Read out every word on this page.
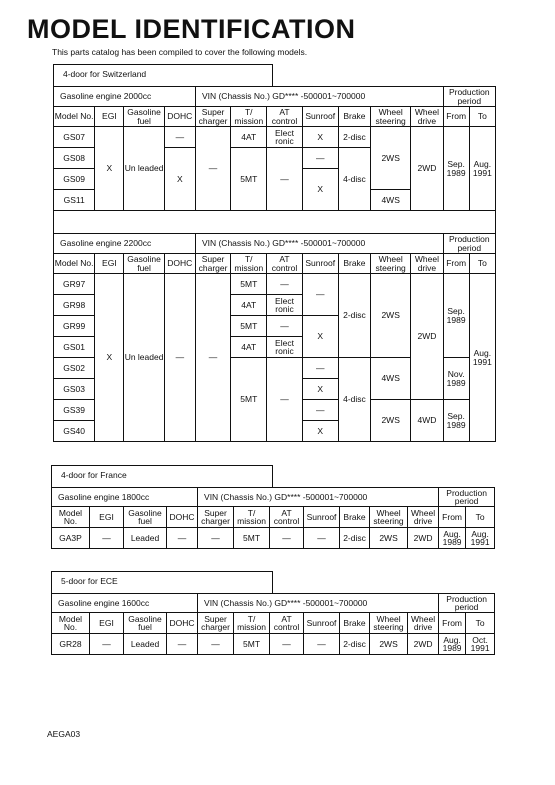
MODEL IDENTIFICATION
This parts catalog has been compiled to cover the following models.
4-door for Switzerland
Gasoline engine 2000cc				VIN (Chassis No.) GD**** -500001~700000							Production period	
Model No.	EGI	Gasoline fuel	DOHC	Super charger	T/ mission	AT control	Sunroof	Brake	Wheel steering	Wheel drive	From	To
GS07	X	Un leaded	—	—	4AT	Elect ronic	X	2-disc	2WS	2WD	Sep. 1989	Aug. 1991
GS08			X		5MT	—	—	4-disc				
GS09							X					
GS11									4WS			
Gasoline engine 2200cc				VIN (Chassis No.) GD**** -500001~700000							Production period	
Model No.	EGI	Gasoline fuel	DOHC	Super charger	T/ mission	AT control	Sunroof	Brake	Wheel steering	Wheel drive	From	To
GR97	X	Un leaded	—	—	5MT	—	—	2-disc	2WS	2WD	Sep. 1989	Aug. 1991
GR98					4AT	Elect ronic						
GR99					5MT	—	X					
GS01					4AT	Elect ronic						
GS02					5MT	—	—	4-disc	4WS		Nov. 1989	
GS03							X					
GS39							—		2WS	4WD	Sep. 1989	
GS40							X					
4-door for France
Gasoline engine 1800cc				VIN (Chassis No.) GD**** -500001~700000							Production period	
Model No.	EGI	Gasoline fuel	DOHC	Super charger	T/ mission	AT control	Sunroof	Brake	Wheel steering	Wheel drive	From	To
GA3P	—	Leaded	—	—	5MT	—	—	2-disc	2WS	2WD	Aug. 1989	Aug. 1991
5-door for ECE
Gasoline engine 1600cc				VIN (Chassis No.) GD**** -500001~700000							Production period	
Model No.	EGI	Gasoline fuel	DOHC	Super charger	T/ mission	AT control	Sunroof	Brake	Wheel steering	Wheel drive	From	To
GR28	—	Leaded	—	—	5MT	—	—	2-disc	2WS	2WD	Aug. 1989	Oct. 1991
AEGA03
